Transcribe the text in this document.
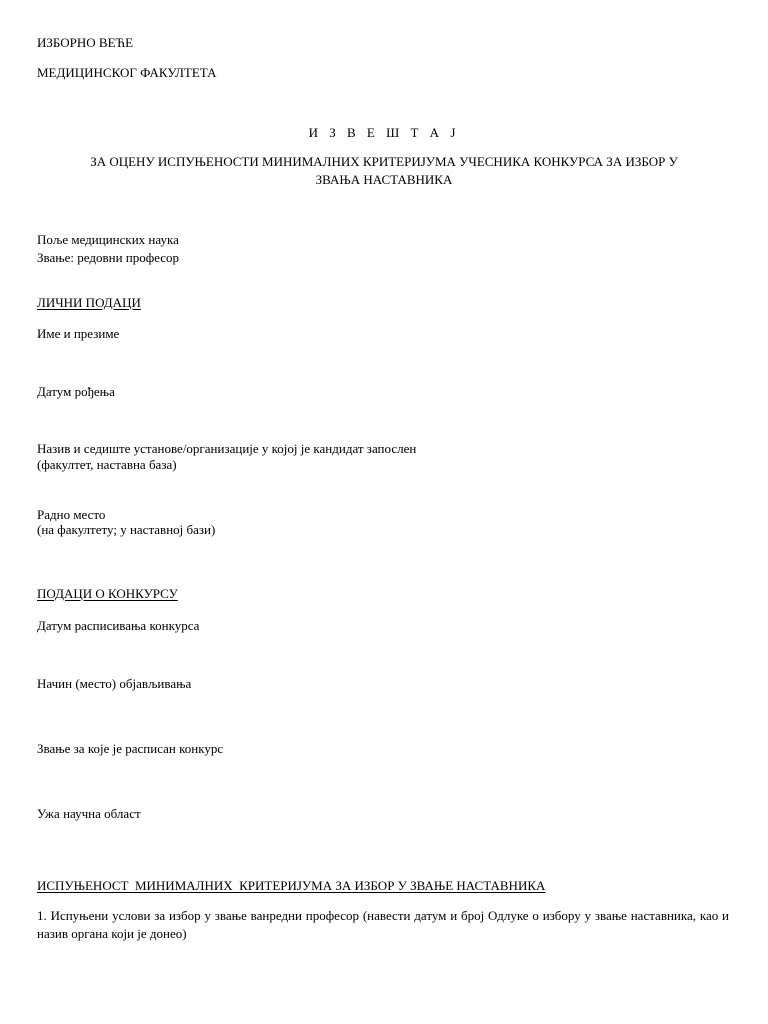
ИЗБОРНО ВЕЋЕ
МЕДИЦИНСКОГ ФАКУЛТЕТА
И З В Е Ш Т А Ј
ЗА ОЦЕНУ ИСПУЊЕНОСТИ МИНИМАЛНИХ КРИТЕРИЈУМА УЧЕСНИКА КОНКУРСА ЗА ИЗБОР У
ЗВАЊА НАСТАВНИКА
Поље медицинских наука
Звање: редовни професор
ЛИЧНИ ПОДАЦИ
Име и презиме
Датум рођења
Назив и седиште установе/организације у којој је кандидат запослен
(факултет, наставна база)
Радно место
(на факултету; у наставној бази)
ПОДАЦИ О КОНКУРСУ
Датум расписивања конкурса
Начин (место) објављивања
Звање за које је расписан конкурс
Ужа научна област
ИСПУЊЕНОСТ  МИНИМАЛНИХ  КРИТЕРИЈУМА ЗА ИЗБОР У ЗВАЊЕ НАСТАВНИКА
1. Испуњени услови за избор у звање ванредни професор (навести датум и број Одлуке о избору у звање наставника, као и назив органа који је донео)
